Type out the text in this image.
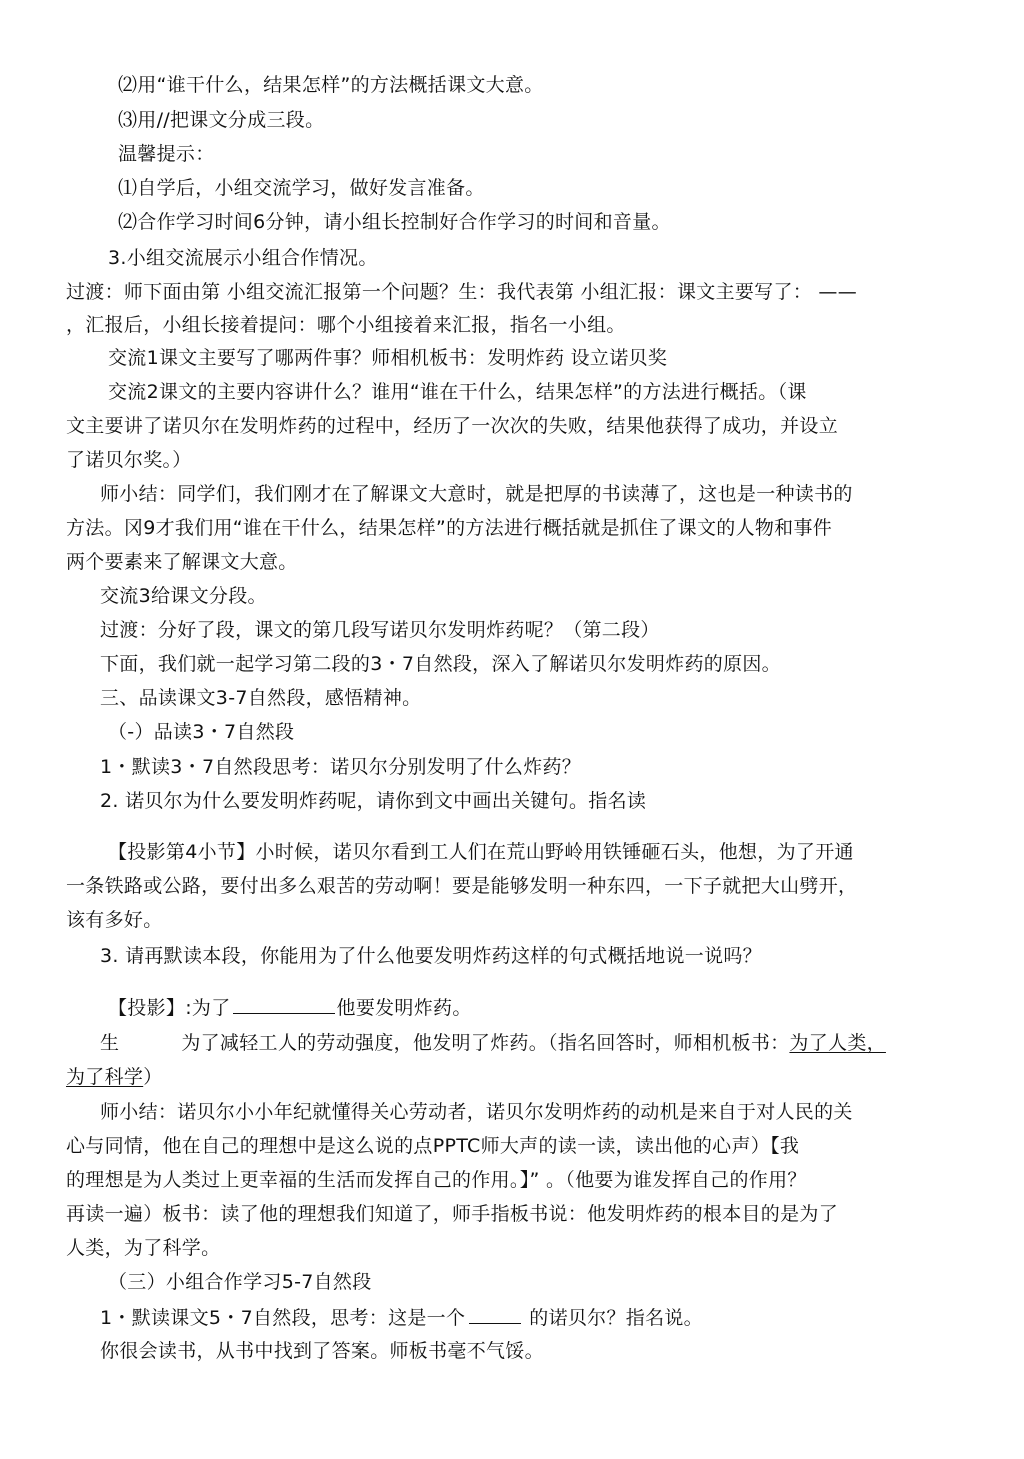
⑵用“谁干什么，结果怎样”的方法概括课文大意。
⑶用//把课文分成三段。
温馨提示：
⑴自学后，小组交流学习，做好发言准备。
⑵合作学习时间6分钟，请小组长控制好合作学习的时间和音量。
3.小组交流展示小组合作情况。
过渡：师下面由第 小组交流汇报第一个问题？生：我代表第 小组汇报：课文主要写了： ——
，汇报后，小组长接着提问：哪个小组接着来汇报，指名一小组。
交流1课文主要写了哪两件事？师相机板书：发明炸药 设立诺贝奖
交流2课文的主要内容讲什么？谁用“谁在干什么，结果怎样”的方法进行概括。（课
文主要讲了诺贝尔在发明炸药的过程中，经历了一次次的失败，结果他获得了成功，并设立
了诺贝尔奖。）
师小结：同学们，我们刚才在了解课文大意时，就是把厚的书读薄了，这也是一种读书的
方法。冈9才我们用“谁在干什么，结果怎样”的方法进行概括就是抓住了课文的人物和事件
两个要素来了解课文大意。
交流3给课文分段。
过渡：分好了段，课文的第几段写诺贝尔发明炸药呢？（第二段）
下面，我们就一起学习第二段的3・7自然段，深入了解诺贝尔发明炸药的原因。
三、品读课文3-7自然段，感悟精神。
（-）品读3・7自然段
1・默读3・7自然段思考：诺贝尔分别发明了什么炸药？
2. 诺贝尔为什么要发明炸药呢，请你到文中画出关键句。指名读
【投影第4小节】小时候，诺贝尔看到工人们在荒山野岭用铁锤砸石头，他想，为了开通
一条铁路或公路，要付出多么艰苦的劳动啊！要是能够发明一种东四，一下子就把大山劈开，
该有多好。
3. 请再默读本段，你能用为了什么他要发明炸药这样的句式概括地说一说吗？
【投影】:为了	他要发明炸药。
生	为了减轻工人的劳动强度，他发明了炸药。（指名回答时，师相机板书：为了人类，
为了科学）
师小结：诺贝尔小小年纪就懂得关心劳动者，诺贝尔发明炸药的动机是来自于对人民的关
心与同情，他在自己的理想中是这么说的点PPTC师大声的读一读，读出他的心声）【我
的理想是为人类过上更幸福的生活而发挥自己的作用。】” 。（他要为谁发挥自己的作用？
再读一遍）板书：读了他的理想我们知道了，师手指板书说：他发明炸药的根本目的是为了
人类，为了科学。
（三）小组合作学习5-7自然段
1・默读课文5・7自然段，思考：这是一个	的诺贝尔？指名说。
你很会读书，从书中找到了答案。师板书毫不气馁。
